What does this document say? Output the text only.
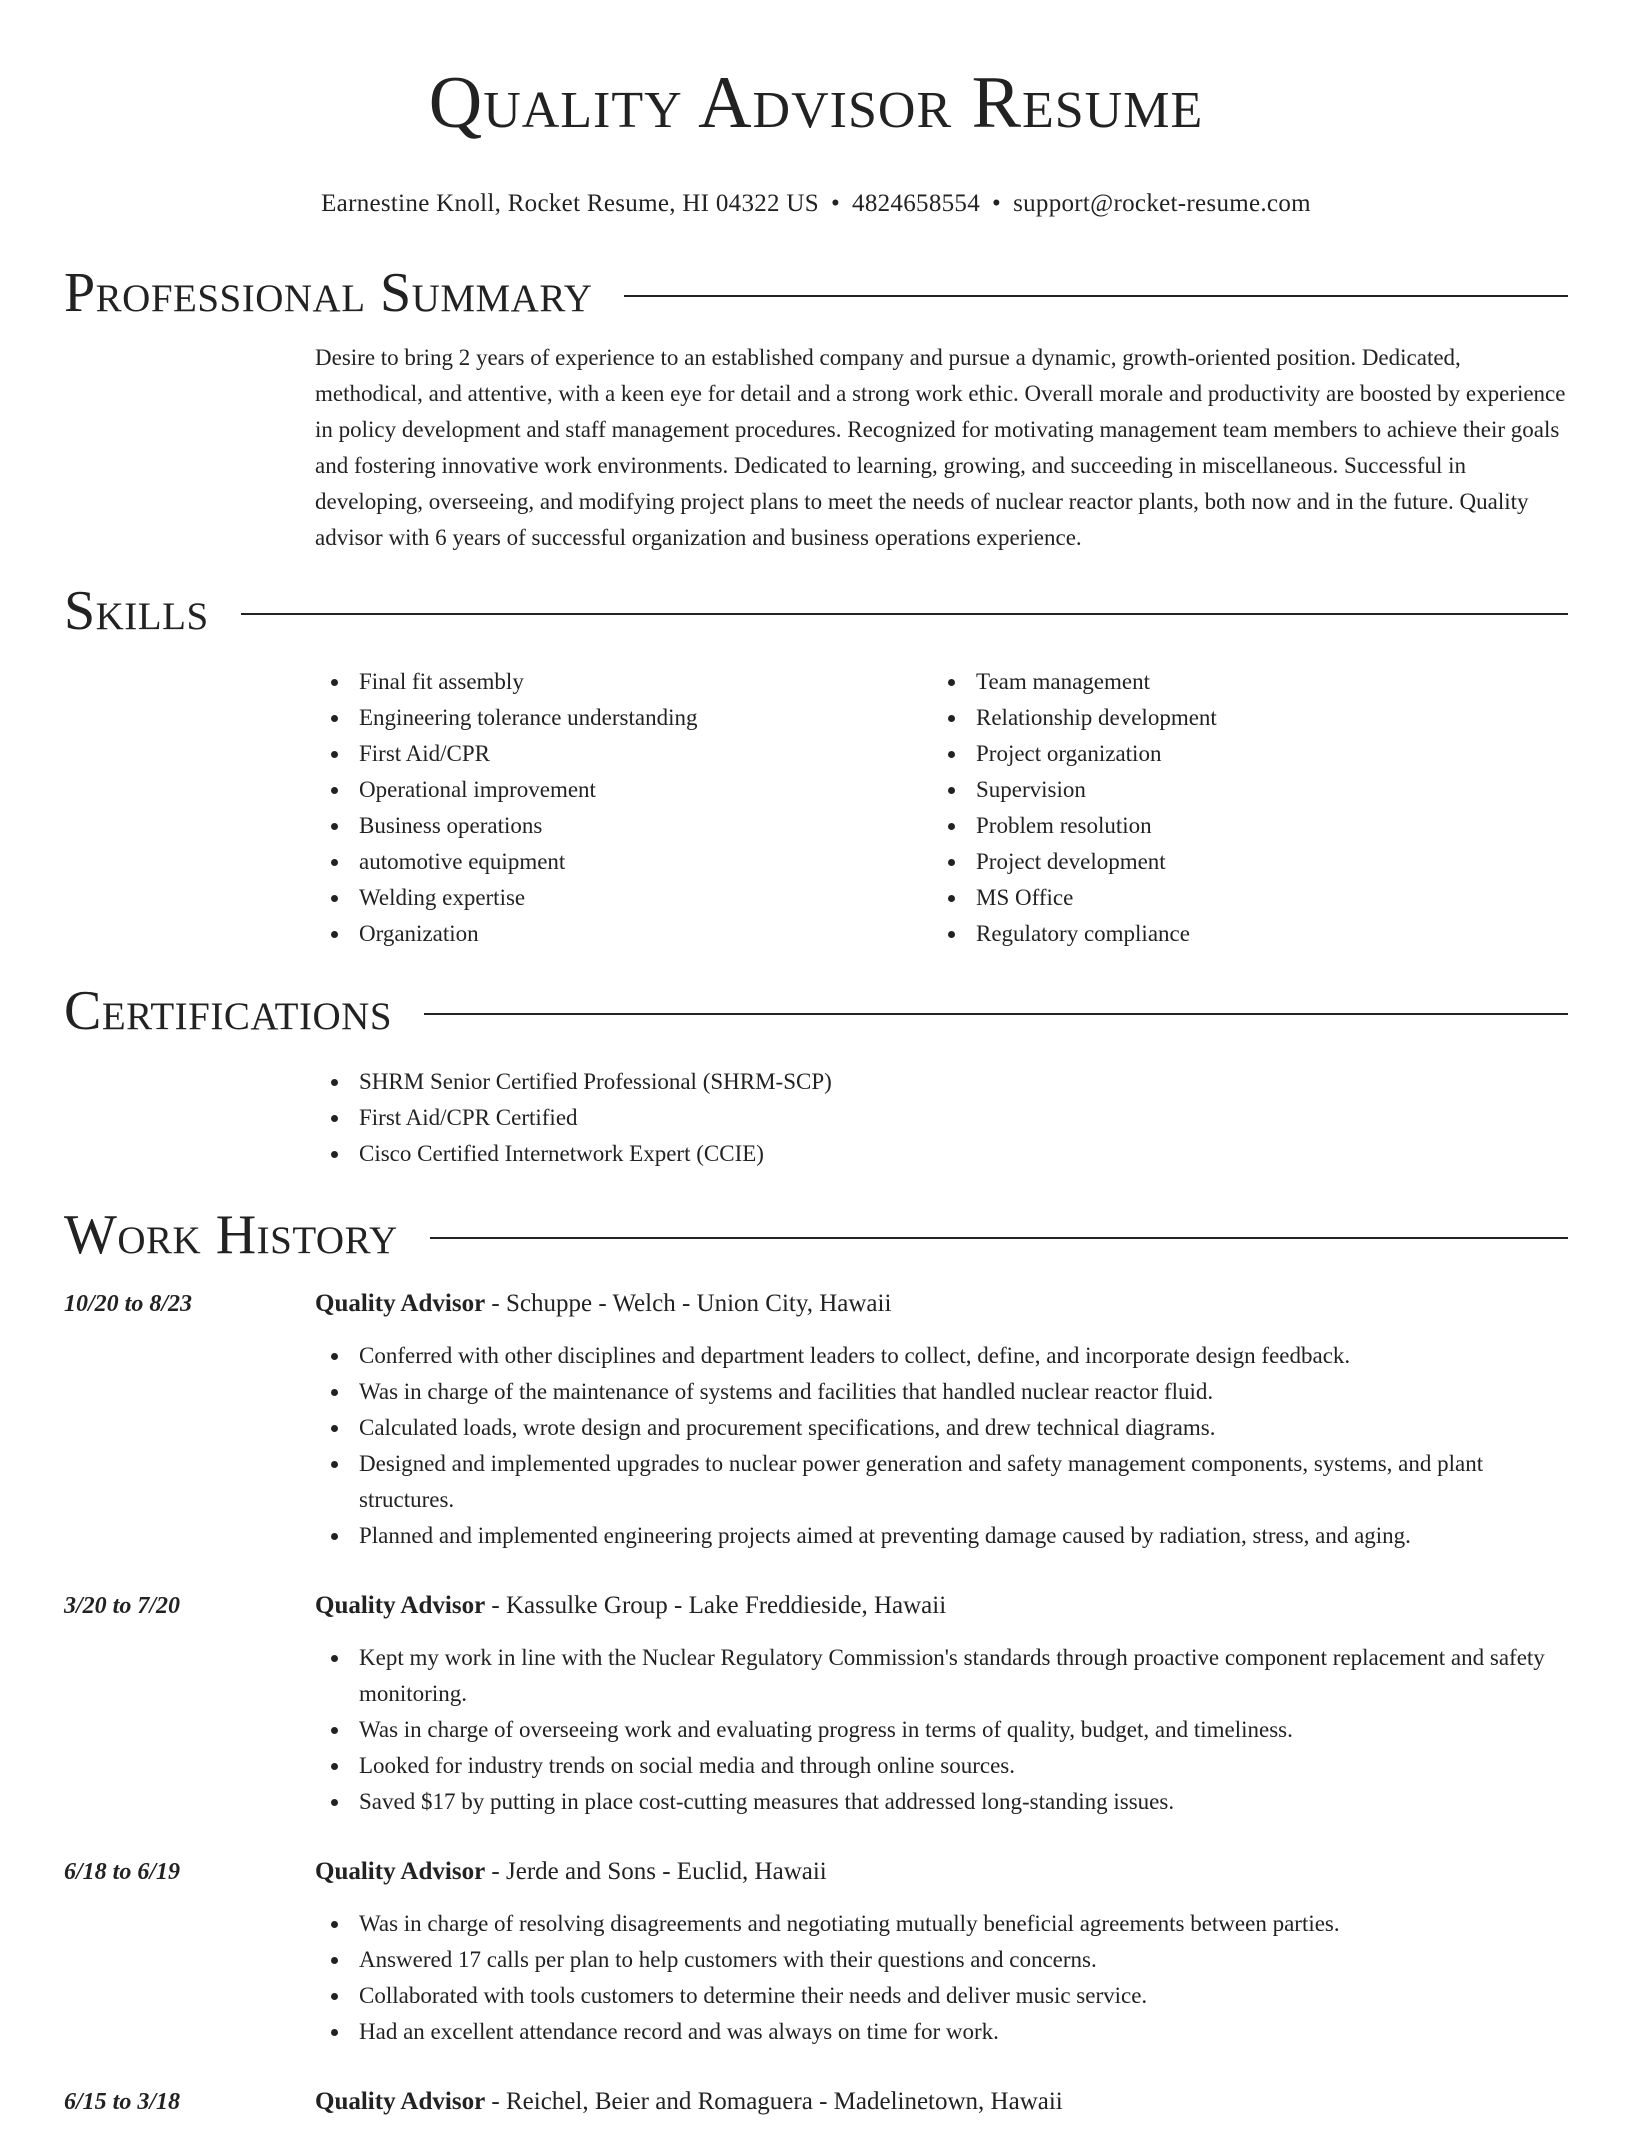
Quality Advisor Resume
Earnestine Knoll, Rocket Resume, HI 04322 US • 4824658554 • support@rocket-resume.com
Professional Summary

Desire to bring 2 years of experience to an established company and pursue a dynamic, growth-oriented position. Dedicated, methodical, and attentive, with a keen eye for detail and a strong work ethic. Overall morale and productivity are boosted by experience in policy development and staff management procedures. Recognized for motivating management team members to achieve their goals and fostering innovative work environments. Dedicated to learning, growing, and succeeding in miscellaneous. Successful in developing, overseeing, and modifying project plans to meet the needs of nuclear reactor plants, both now and in the future. Quality advisor with 6 years of successful organization and business operations experience.

Skills
Final fit assembly
Engineering tolerance understanding
First Aid/CPR
Operational improvement
Business operations
automotive equipment
Welding expertise
Organization
Team management
Relationship development
Project organization
Supervision
Problem resolution
Project development
MS Office
Regulatory compliance
Certifications
SHRM Senior Certified Professional (SHRM-SCP)
First Aid/CPR Certified
Cisco Certified Internetwork Expert (CCIE)
Work History
10/20 to 8/23	Quality Advisor - Schuppe - Welch - Union City, Hawaii
Conferred with other disciplines and department leaders to collect, define, and incorporate design feedback.
Was in charge of the maintenance of systems and facilities that handled nuclear reactor fluid.
Calculated loads, wrote design and procurement specifications, and drew technical diagrams.
Designed and implemented upgrades to nuclear power generation and safety management components, systems, and plant structures.
Planned and implemented engineering projects aimed at preventing damage caused by radiation, stress, and aging.
3/20 to 7/20	Quality Advisor - Kassulke Group - Lake Freddieside, Hawaii
Kept my work in line with the Nuclear Regulatory Commission's standards through proactive component replacement and safety monitoring.
Was in charge of overseeing work and evaluating progress in terms of quality, budget, and timeliness.
Looked for industry trends on social media and through online sources.
Saved $17 by putting in place cost-cutting measures that addressed long-standing issues.
6/18 to 6/19	Quality Advisor - Jerde and Sons - Euclid, Hawaii
Was in charge of resolving disagreements and negotiating mutually beneficial agreements between parties.
Answered 17 calls per plan to help customers with their questions and concerns.
Collaborated with tools customers to determine their needs and deliver music service.
Had an excellent attendance record and was always on time for work.
6/15 to 3/18	Quality Advisor - Reichel, Beier and Romaguera - Madelinetown, Hawaii
